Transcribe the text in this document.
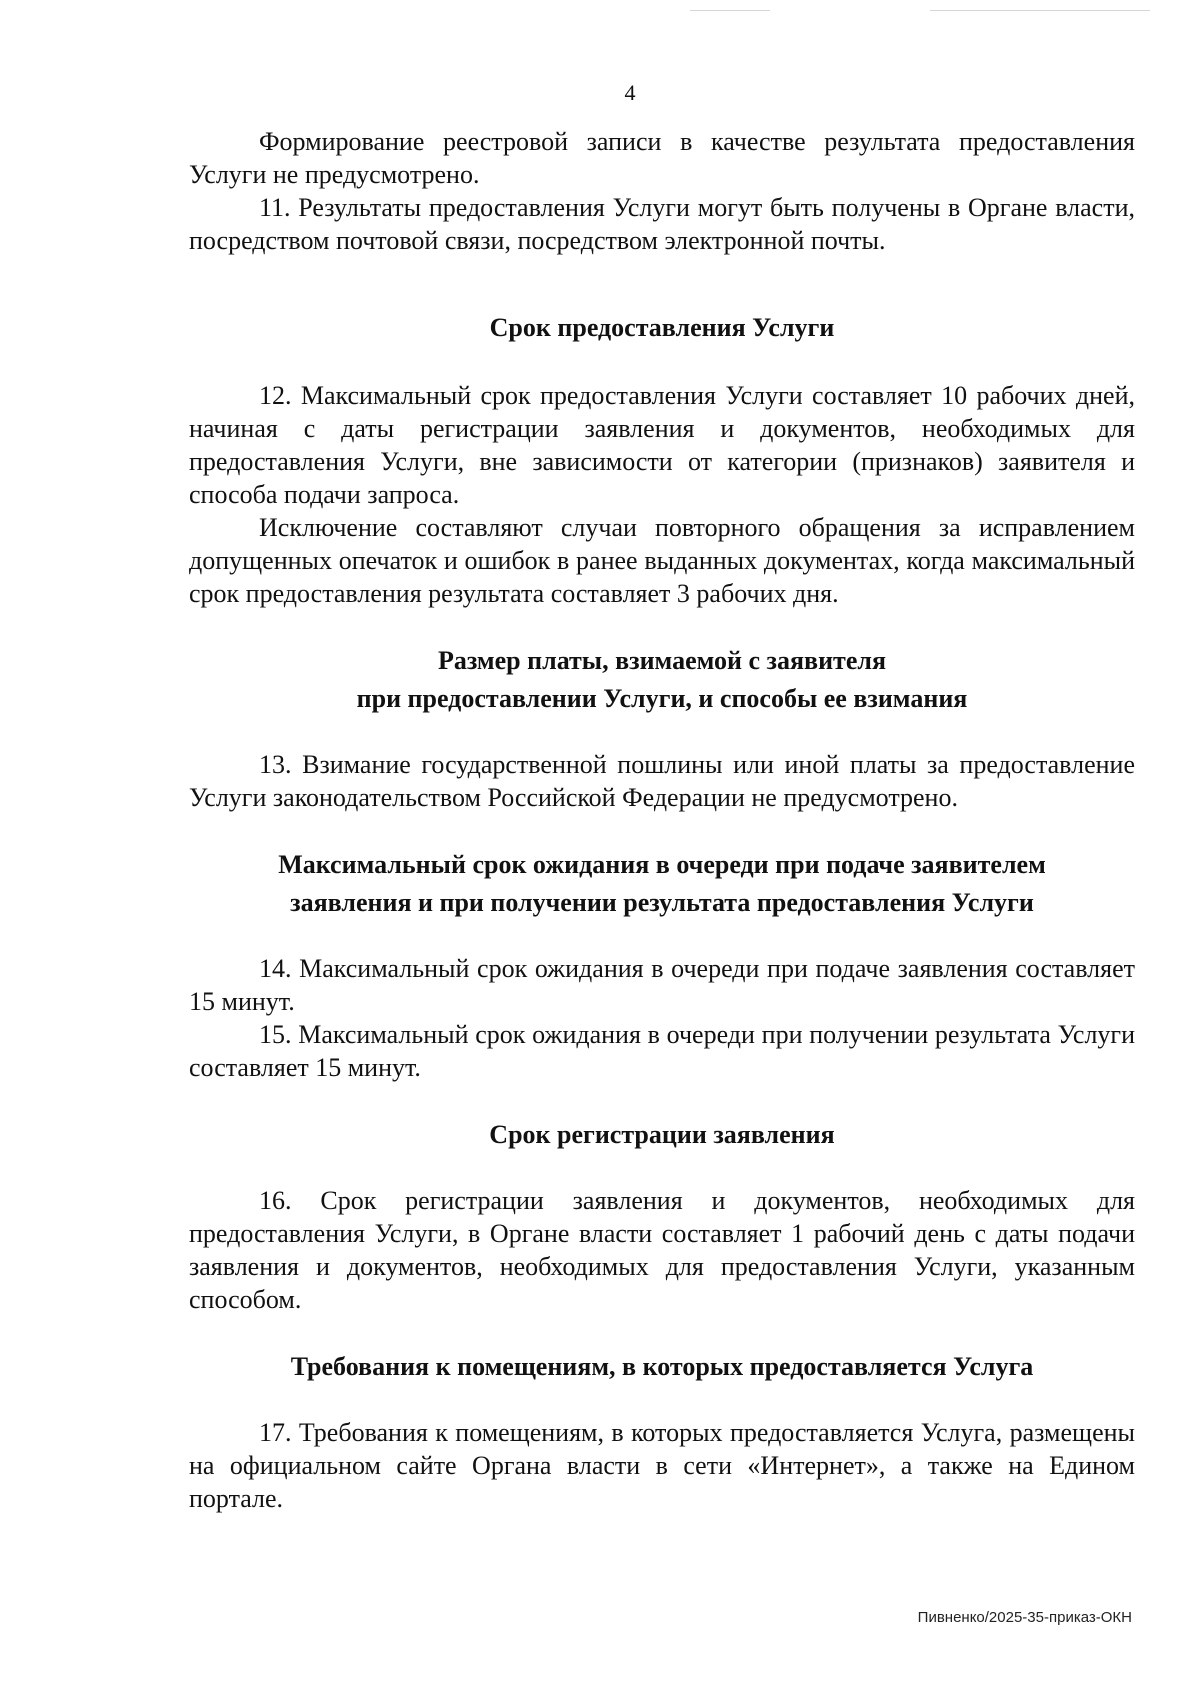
4

Формирование реестровой записи в качестве результата предоставления Услуги не предусмотрено.

11. Результаты предоставления Услуги могут быть получены в Органе власти, посредством почтовой связи, посредством электронной почты.

Срок предоставления Услуги

12. Максимальный срок предоставления Услуги составляет 10 рабочих дней, начиная с даты регистрации заявления и документов, необходимых для предоставления Услуги, вне зависимости от категории (признаков) заявителя и способа подачи запроса.

Исключение составляют случаи повторного обращения за исправлением допущенных опечаток и ошибок в ранее выданных документах, когда максимальный срок предоставления результата составляет 3 рабочих дня.

Размер платы, взимаемой с заявителя
при предоставлении Услуги, и способы ее взимания

13. Взимание государственной пошлины или иной платы за предоставление Услуги законодательством Российской Федерации не предусмотрено.

Максимальный срок ожидания в очереди при подаче заявителем
заявления и при получении результата предоставления Услуги

14. Максимальный срок ожидания в очереди при подаче заявления составляет 15 минут.

15. Максимальный срок ожидания в очереди при получении результата Услуги составляет 15 минут.

Срок регистрации заявления

16. Срок регистрации заявления и документов, необходимых для предоставления Услуги, в Органе власти составляет 1 рабочий день с даты подачи заявления и документов, необходимых для предоставления Услуги, указанным способом.

Требования к помещениям, в которых предоставляется Услуга

17. Требования к помещениям, в которых предоставляется Услуга, размещены на официальном сайте Органа власти в сети «Интернет», а также на Едином портале.

Пивненко/2025-35-приказ-ОКН
